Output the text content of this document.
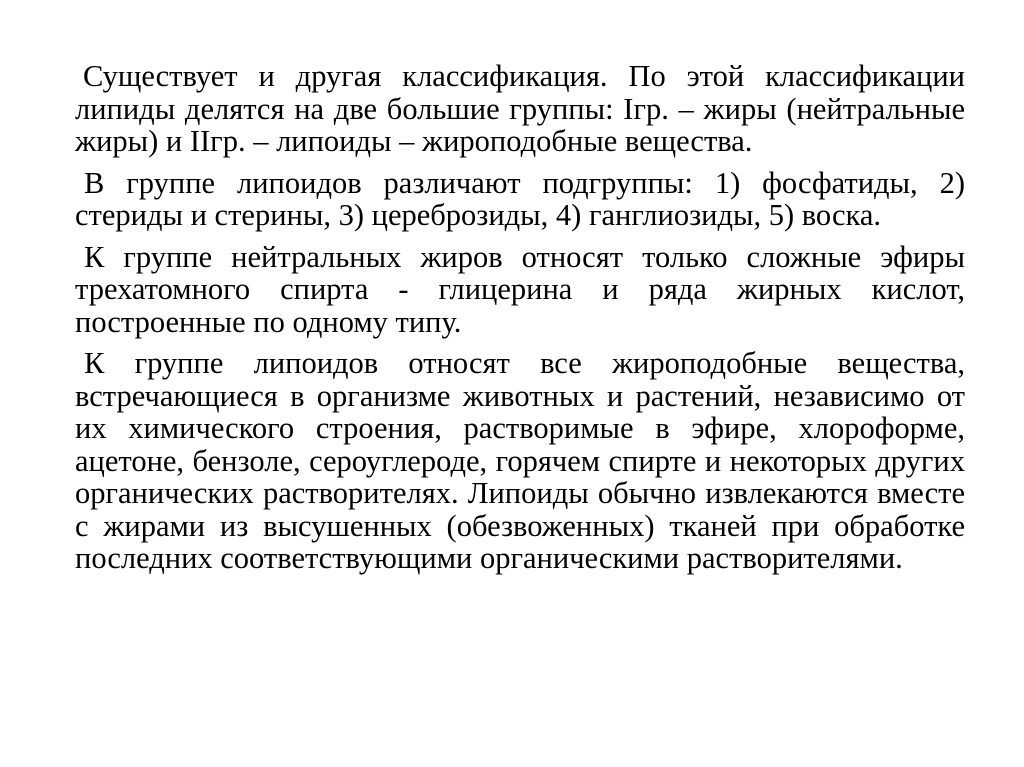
Существует и другая классификация. По этой классификации липиды делятся на две большие группы: Iгр. – жиры (нейтральные жиры) и IIгр. – липоиды – жироподобные вещества.

В группе липоидов различают подгруппы: 1) фосфатиды, 2) стериды и стерины, 3) цереброзиды, 4) ганглиозиды, 5) воска.

К группе нейтральных жиров относят только сложные эфиры трехатомного спирта - глицерина и ряда жирных кислот, построенные по одному типу.

К группе липоидов относят все жироподобные вещества, встречающиеся в организме животных и растений, независимо от их химического строения, растворимые в эфире, хлороформе, ацетоне, бензоле, сероуглероде, горячем спирте и некоторых других органических растворителях. Липоиды обычно извлекаются вместе с жирами из высушенных (обезвоженных) тканей при обработке последних соответствующими органическими растворителями.
